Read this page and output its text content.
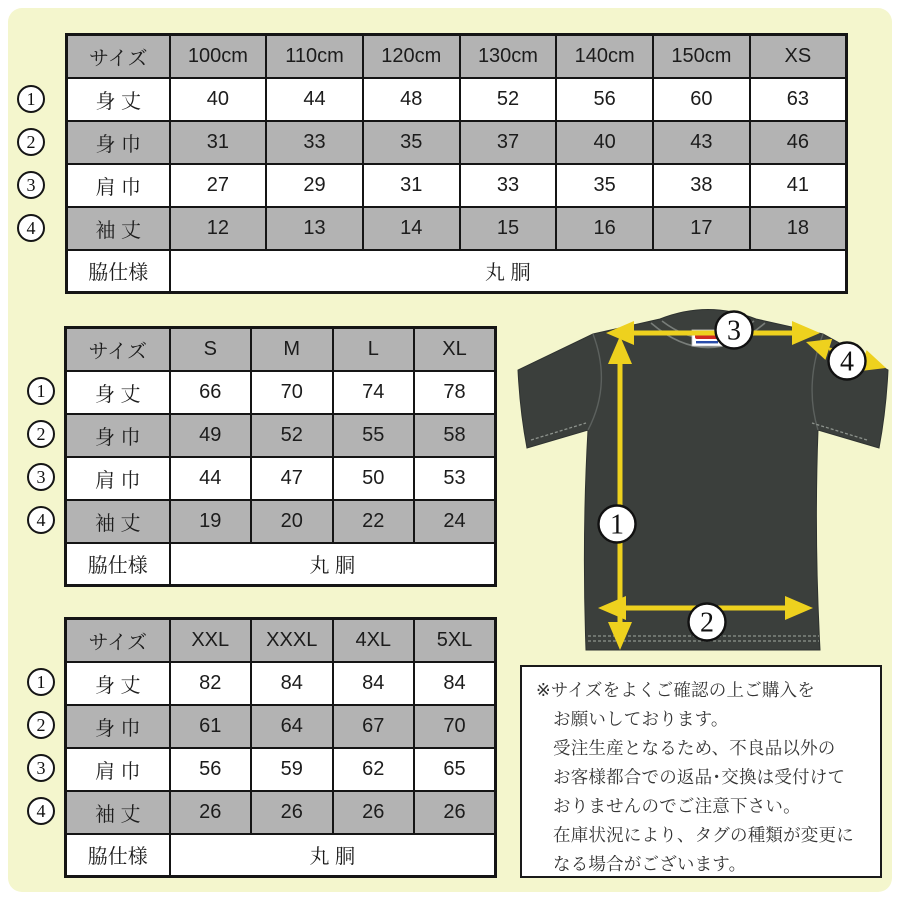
サイズ	100cm	110cm	120cm	130cm	140cm	150cm	XS
身 丈	40	44	48	52	56	60	63
身 巾	31	33	35	37	40	43	46
肩 巾	27	29	31	33	35	38	41
袖 丈	12	13	14	15	16	17	18
脇仕様	丸 胴						
サイズ	S	M	L	XL
身 丈	66	70	74	78
身 巾	49	52	55	58
肩 巾	44	47	50	53
袖 丈	19	20	22	24
脇仕様	丸 胴			
サイズ	XXL	XXXL	4XL	5XL
身 丈	82	84	84	84
身 巾	61	64	67	70
肩 巾	56	59	62	65
袖 丈	26	26	26	26
脇仕様	丸 胴			
1
2
3
4
1
2
3
4
1
2
3
4
3
4
1
2
※サイズをよくご確認の上ご購入を
お願いしております。
受注生産となるため、不良品以外の
お客様都合での返品･交換は受付けて
おりませんのでご注意下さい。
在庫状況により、タグの種類が変更に
なる場合がございます。
